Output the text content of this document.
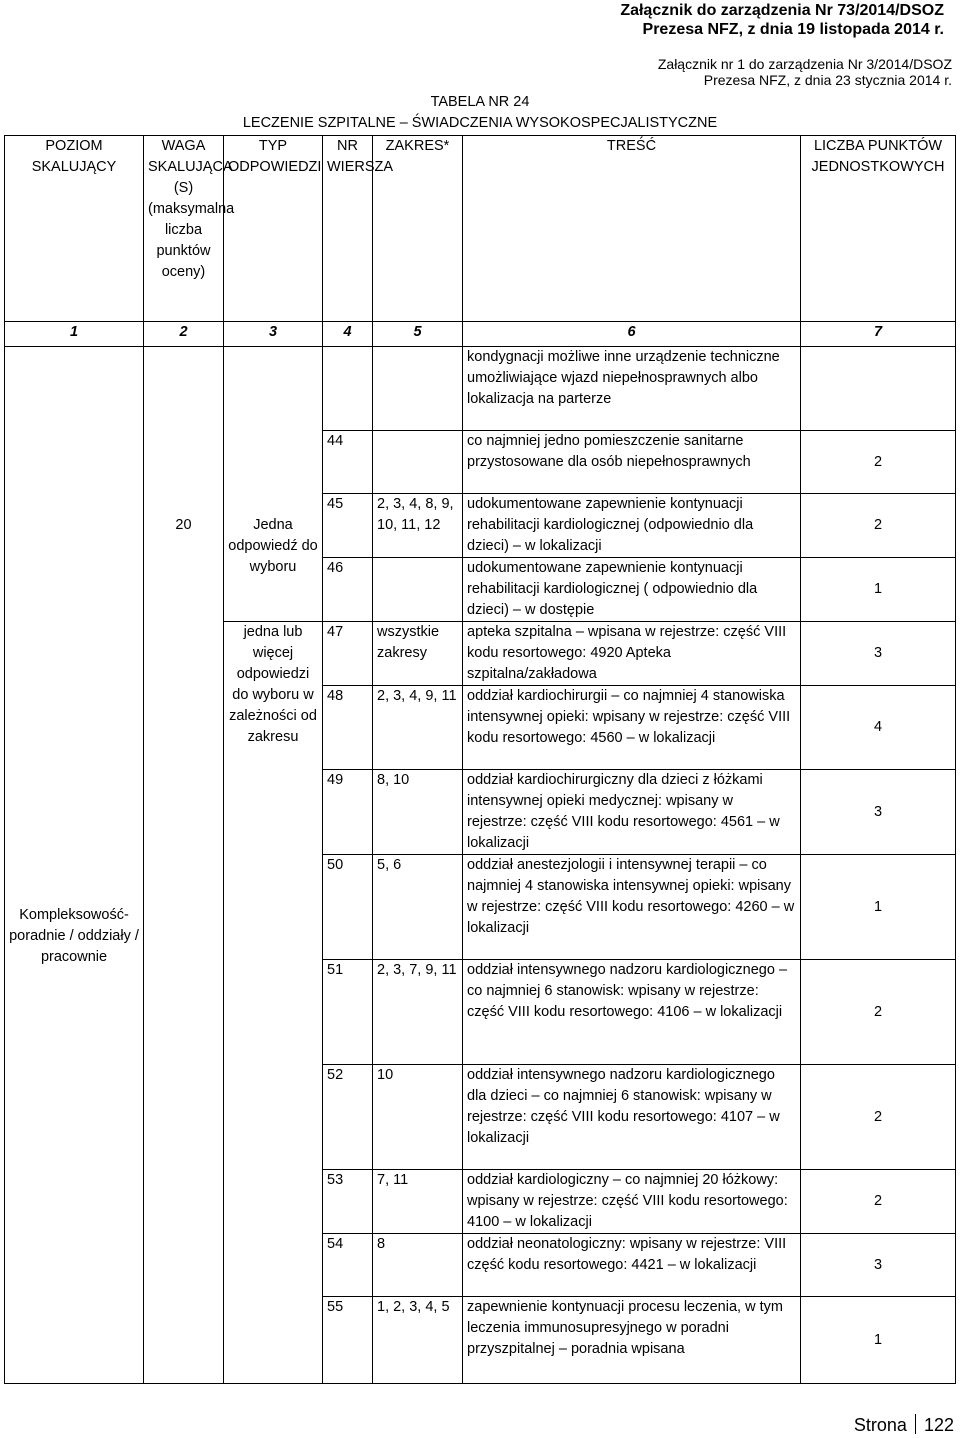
Załącznik do zarządzenia Nr 73/2014/DSOZ
Prezesa NFZ, z dnia 19 listopada 2014 r.
Załącznik nr 1 do zarządzenia Nr 3/2014/DSOZ
Prezesa NFZ, z dnia 23 stycznia 2014 r.
TABELA NR 24
LECZENIE SZPITALNE – ŚWIADCZENIA WYSOKOSPECJALISTYCZNE
POZIOM SKALUJĄCY	WAGA SKALUJĄCA (S) (maksymalna liczba punktów oceny)	TYP ODPOWIEDZI	NR WIERSZA	ZAKRES*	TREŚĆ	LICZBA PUNKTÓW JEDNOSTKOWYCH
1	2	3	4	5	6	7

Kompleksowość-poradnie / oddziały / pracownie	20	Jedna odpowiedź do wyboru			kondygnacji możliwe inne urządzenie techniczne umożliwiające wjazd niepełnosprawnych albo lokalizacja na parterze	
			44		co najmniej jedno pomieszczenie sanitarne przystosowane dla osób niepełnosprawnych	2
			45	2, 3, 4, 8, 9, 10, 11, 12	udokumentowane zapewnienie kontynuacji rehabilitacji kardiologicznej (odpowiednio dla dzieci) – w lokalizacji	2
			46		udokumentowane zapewnienie kontynuacji rehabilitacji kardiologicznej ( odpowiednio dla dzieci) – w dostępie	1

		jedna lub więcej odpowiedzi do wyboru w zależności od zakresu	47	wszystkie zakresy	apteka szpitalna – wpisana w rejestrze: część VIII kodu resortowego: 4920 Apteka szpitalna/zakładowa	3
			48	2, 3, 4, 9, 11	oddział kardiochirurgii – co najmniej 4 stanowiska intensywnej opieki: wpisany w rejestrze: część VIII kodu resortowego: 4560 – w lokalizacji	4
			49	8, 10	oddział kardiochirurgiczny dla dzieci z łóżkami intensywnej opieki medycznej: wpisany w rejestrze: część VIII kodu resortowego: 4561 – w lokalizacji	3
			50	5, 6	oddział anestezjologii i intensywnej terapii – co najmniej 4 stanowiska intensywnej opieki: wpisany w rejestrze: część VIII kodu resortowego: 4260 – w lokalizacji	1
			51	2, 3, 7, 9, 11	oddział intensywnego nadzoru kardiologicznego – co najmniej 6 stanowisk: wpisany w rejestrze: część VIII kodu resortowego: 4106 – w lokalizacji	2
			52	10	oddział intensywnego nadzoru kardiologicznego dla dzieci – co najmniej 6 stanowisk: wpisany w rejestrze: część VIII kodu resortowego: 4107 – w lokalizacji	2
			53	7, 11	oddział kardiologiczny – co najmniej 20 łóżkowy: wpisany w rejestrze: część VIII kodu resortowego: 4100 – w lokalizacji	2
			54	8	oddział neonatologiczny: wpisany w rejestrze: VIII część kodu resortowego: 4421 – w lokalizacji	3
			55	1, 2, 3, 4, 5	zapewnienie kontynuacji procesu leczenia, w tym leczenia immunosupresyjnego w poradni przyszpitalnej – poradnia wpisana	1
Strona 122
